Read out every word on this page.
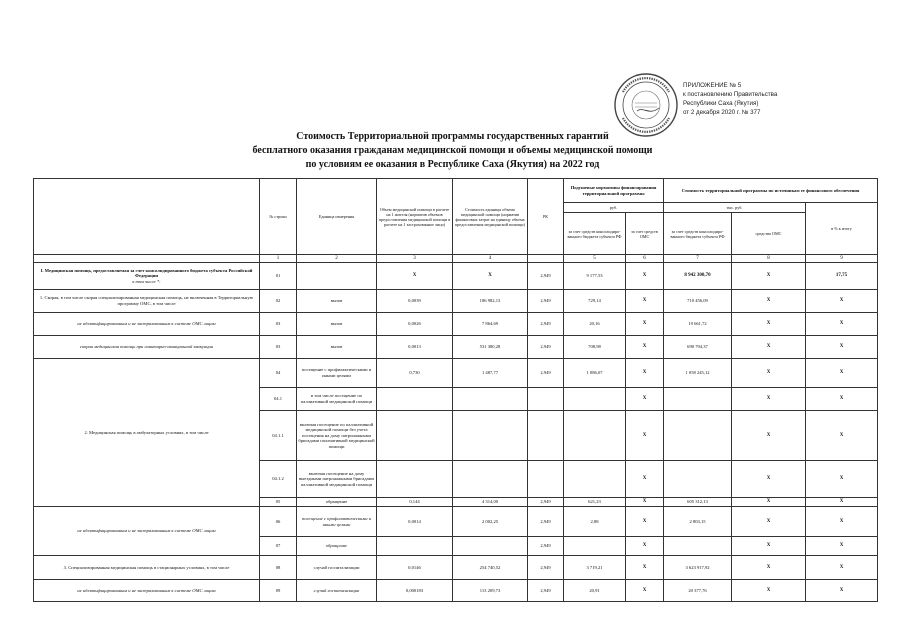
ПРИЛОЖЕНИЕ № 5
к постановлению Правительства
Республики Саха (Якутия)
от 2 декабря 2020 г. № 377
Стоимость Территориальной программы государственных гарантий
бесплатного оказания гражданам медицинской помощи и объемы медицинской помощи
по условиям ее оказания в Республике Саха (Якутия) на 2022 год
	№ строки	Единица измерения	Объем медицинской помощи в расчете на 1 жителя (норматив объемов предоставления медицинской помощи в расчете на 1 застрахованное лицо)	Стоимость единицы объема медицинской помощи (норматив финансовых затрат на единицу объема предоставления медицинской помощи)	РК	Подушевые нормативы финансирования территориальной программы		Стоимость территориальной программы по источникам ее финансового обеспечения		
						руб.		тыс. руб.		в % к итогу
						за счет средств консолидиро-ванного бюджета субъекта РФ	за счет средств ОМС	за счет средств консолидиро-ванного бюджета субъекта РФ	средства ОМС	
	1	2	3	4		5	6	7	8	9
I. Медицинская помощь, предоставляемая за счет консолидированного бюджета субъекта Российской Федерации
в том числе *:	01		X	X	2,949	9 177,53	X	8 942 300,70	X	17,75
1. Скорая, в том числе скорая специализированная медицинская помощь, не включенная в Территориальную программу ОМС, в том числе	02	вызов	0,0039	186 982,13	2,949	729,14	X	710 456,09	X	X
не идентифицированным и не застрахованным в системе ОМС лицам	03	вызов	0,0026	7 864,69	2,949	20,16	X	19 661,72	X	X
скорая медицинская помощь при санитарно-авиационной эвакуации	03	вызов	0,0013	531 380,28	2,949	708,98	X	690 794,37	X	X
2. Медицинская помощь в амбулаторных условиях, в том числе	04	посещение с профилактическими и иными целями	0,730	1 487,77	2,949	1 086,07	X	1 058 245,12	X	X
	04.1	в том числе посещение по паллиативной медицинской помощи					X		X	X
	04.1.1	включая посещение по паллиативной медицинской помощи без учета посещения на дому патронажными бригадами паллиативной медицинской помощи					X		X	X
	04.1.2	включая посещение на дому выездными патронажными бригадами паллиативной медицинской помощи					X		X	X
	05	обращение	0,144	4 314,00	2,949	621,23	X	605 312,13	X	X
не идентифицированным и не застрахованным в системе ОМС лицам	06	посещение с профилактическими и иными целями	0,0014	2 002,25	2,949	2,88	X	2 803,15	X	X
	07	обращение			2,949		X		X	X
3. Специализированная медицинская помощь в стационарных условиях, в том числе	08	случай госпитализации	0,0146	254 740,52	2,949	3 719,21	X	3 623 917,92	X	X
не идентифицированным и не застрахованным в системе ОМС лицам	09	случай госпитализации	0,000183	113 209,73	2,949	20,91	X	20 377,76	X	X
